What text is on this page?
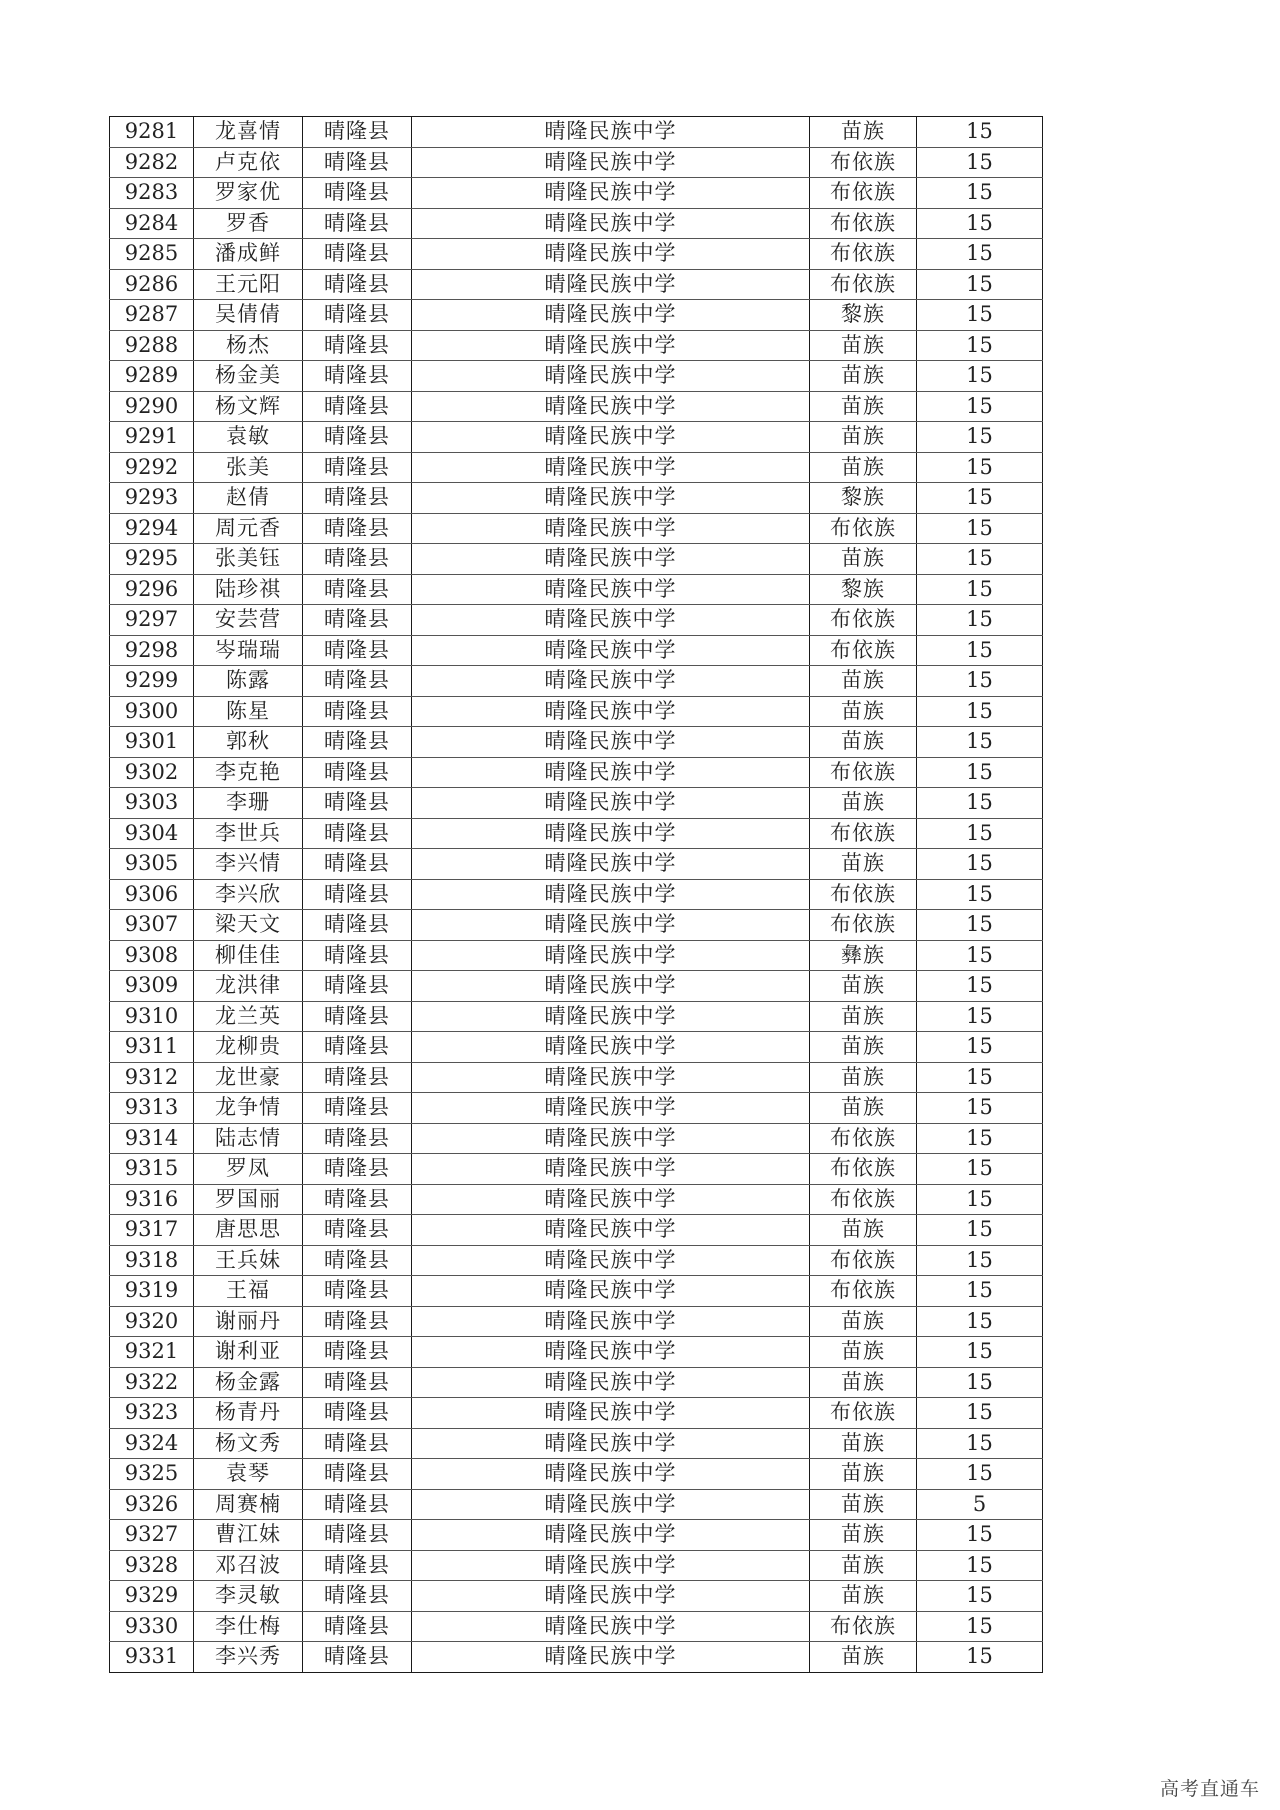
9281	龙喜情	晴隆县	晴隆民族中学	苗族	15
9282	卢克依	晴隆县	晴隆民族中学	布依族	15
9283	罗家优	晴隆县	晴隆民族中学	布依族	15
9284	罗香	晴隆县	晴隆民族中学	布依族	15
9285	潘成鲜	晴隆县	晴隆民族中学	布依族	15
9286	王元阳	晴隆县	晴隆民族中学	布依族	15
9287	吴倩倩	晴隆县	晴隆民族中学	黎族	15
9288	杨杰	晴隆县	晴隆民族中学	苗族	15
9289	杨金美	晴隆县	晴隆民族中学	苗族	15
9290	杨文辉	晴隆县	晴隆民族中学	苗族	15
9291	袁敏	晴隆县	晴隆民族中学	苗族	15
9292	张美	晴隆县	晴隆民族中学	苗族	15
9293	赵倩	晴隆县	晴隆民族中学	黎族	15
9294	周元香	晴隆县	晴隆民族中学	布依族	15
9295	张美钰	晴隆县	晴隆民族中学	苗族	15
9296	陆珍祺	晴隆县	晴隆民族中学	黎族	15
9297	安芸营	晴隆县	晴隆民族中学	布依族	15
9298	岑瑞瑞	晴隆县	晴隆民族中学	布依族	15
9299	陈露	晴隆县	晴隆民族中学	苗族	15
9300	陈星	晴隆县	晴隆民族中学	苗族	15
9301	郭秋	晴隆县	晴隆民族中学	苗族	15
9302	李克艳	晴隆县	晴隆民族中学	布依族	15
9303	李珊	晴隆县	晴隆民族中学	苗族	15
9304	李世兵	晴隆县	晴隆民族中学	布依族	15
9305	李兴情	晴隆县	晴隆民族中学	苗族	15
9306	李兴欣	晴隆县	晴隆民族中学	布依族	15
9307	梁天文	晴隆县	晴隆民族中学	布依族	15
9308	柳佳佳	晴隆县	晴隆民族中学	彝族	15
9309	龙洪律	晴隆县	晴隆民族中学	苗族	15
9310	龙兰英	晴隆县	晴隆民族中学	苗族	15
9311	龙柳贵	晴隆县	晴隆民族中学	苗族	15
9312	龙世豪	晴隆县	晴隆民族中学	苗族	15
9313	龙争情	晴隆县	晴隆民族中学	苗族	15
9314	陆志情	晴隆县	晴隆民族中学	布依族	15
9315	罗凤	晴隆县	晴隆民族中学	布依族	15
9316	罗国丽	晴隆县	晴隆民族中学	布依族	15
9317	唐思思	晴隆县	晴隆民族中学	苗族	15
9318	王兵妹	晴隆县	晴隆民族中学	布依族	15
9319	王福	晴隆县	晴隆民族中学	布依族	15
9320	谢丽丹	晴隆县	晴隆民族中学	苗族	15
9321	谢利亚	晴隆县	晴隆民族中学	苗族	15
9322	杨金露	晴隆县	晴隆民族中学	苗族	15
9323	杨青丹	晴隆县	晴隆民族中学	布依族	15
9324	杨文秀	晴隆县	晴隆民族中学	苗族	15
9325	袁琴	晴隆县	晴隆民族中学	苗族	15
9326	周赛楠	晴隆县	晴隆民族中学	苗族	5
9327	曹江妹	晴隆县	晴隆民族中学	苗族	15
9328	邓召波	晴隆县	晴隆民族中学	苗族	15
9329	李灵敏	晴隆县	晴隆民族中学	苗族	15
9330	李仕梅	晴隆县	晴隆民族中学	布依族	15
9331	李兴秀	晴隆县	晴隆民族中学	苗族	15
高考直通车
